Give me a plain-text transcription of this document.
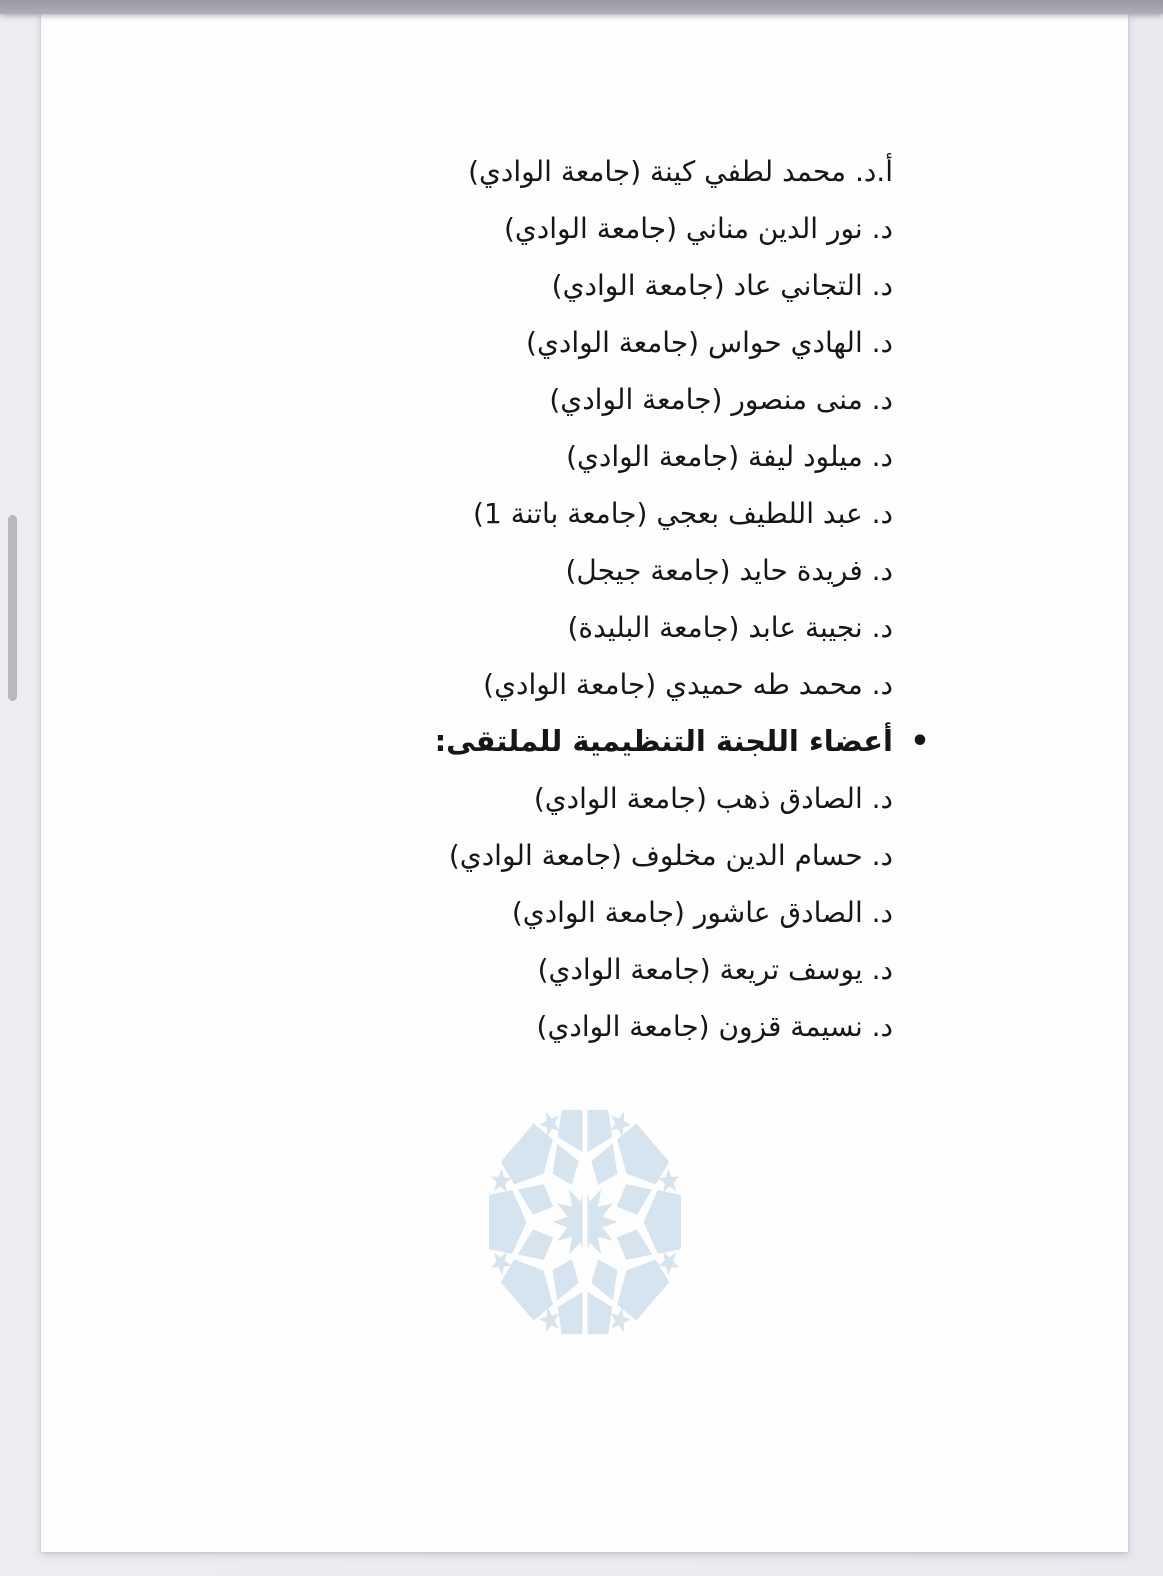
أ.د. محمد لطفي كينة (جامعة الوادي)
د. نور الدين مناني (جامعة الوادي)
د. التجاني عاد (جامعة الوادي)
د. الهادي حواس (جامعة الوادي)
د. منى منصور (جامعة الوادي)
د. ميلود ليفة (جامعة الوادي)
د. عبد اللطيف بعجي (جامعة باتنة 1)
د. فريدة حايد (جامعة جيجل)
د. نجيبة عابد (جامعة البليدة)
د. محمد طه حميدي (جامعة الوادي)
•
أعضاء اللجنة التنظيمية للملتقى:
د. الصادق ذهب (جامعة الوادي)
د. حسام الدين مخلوف (جامعة الوادي)
د. الصادق عاشور (جامعة الوادي)
د. يوسف تريعة (جامعة الوادي)
د. نسيمة قزون (جامعة الوادي)
